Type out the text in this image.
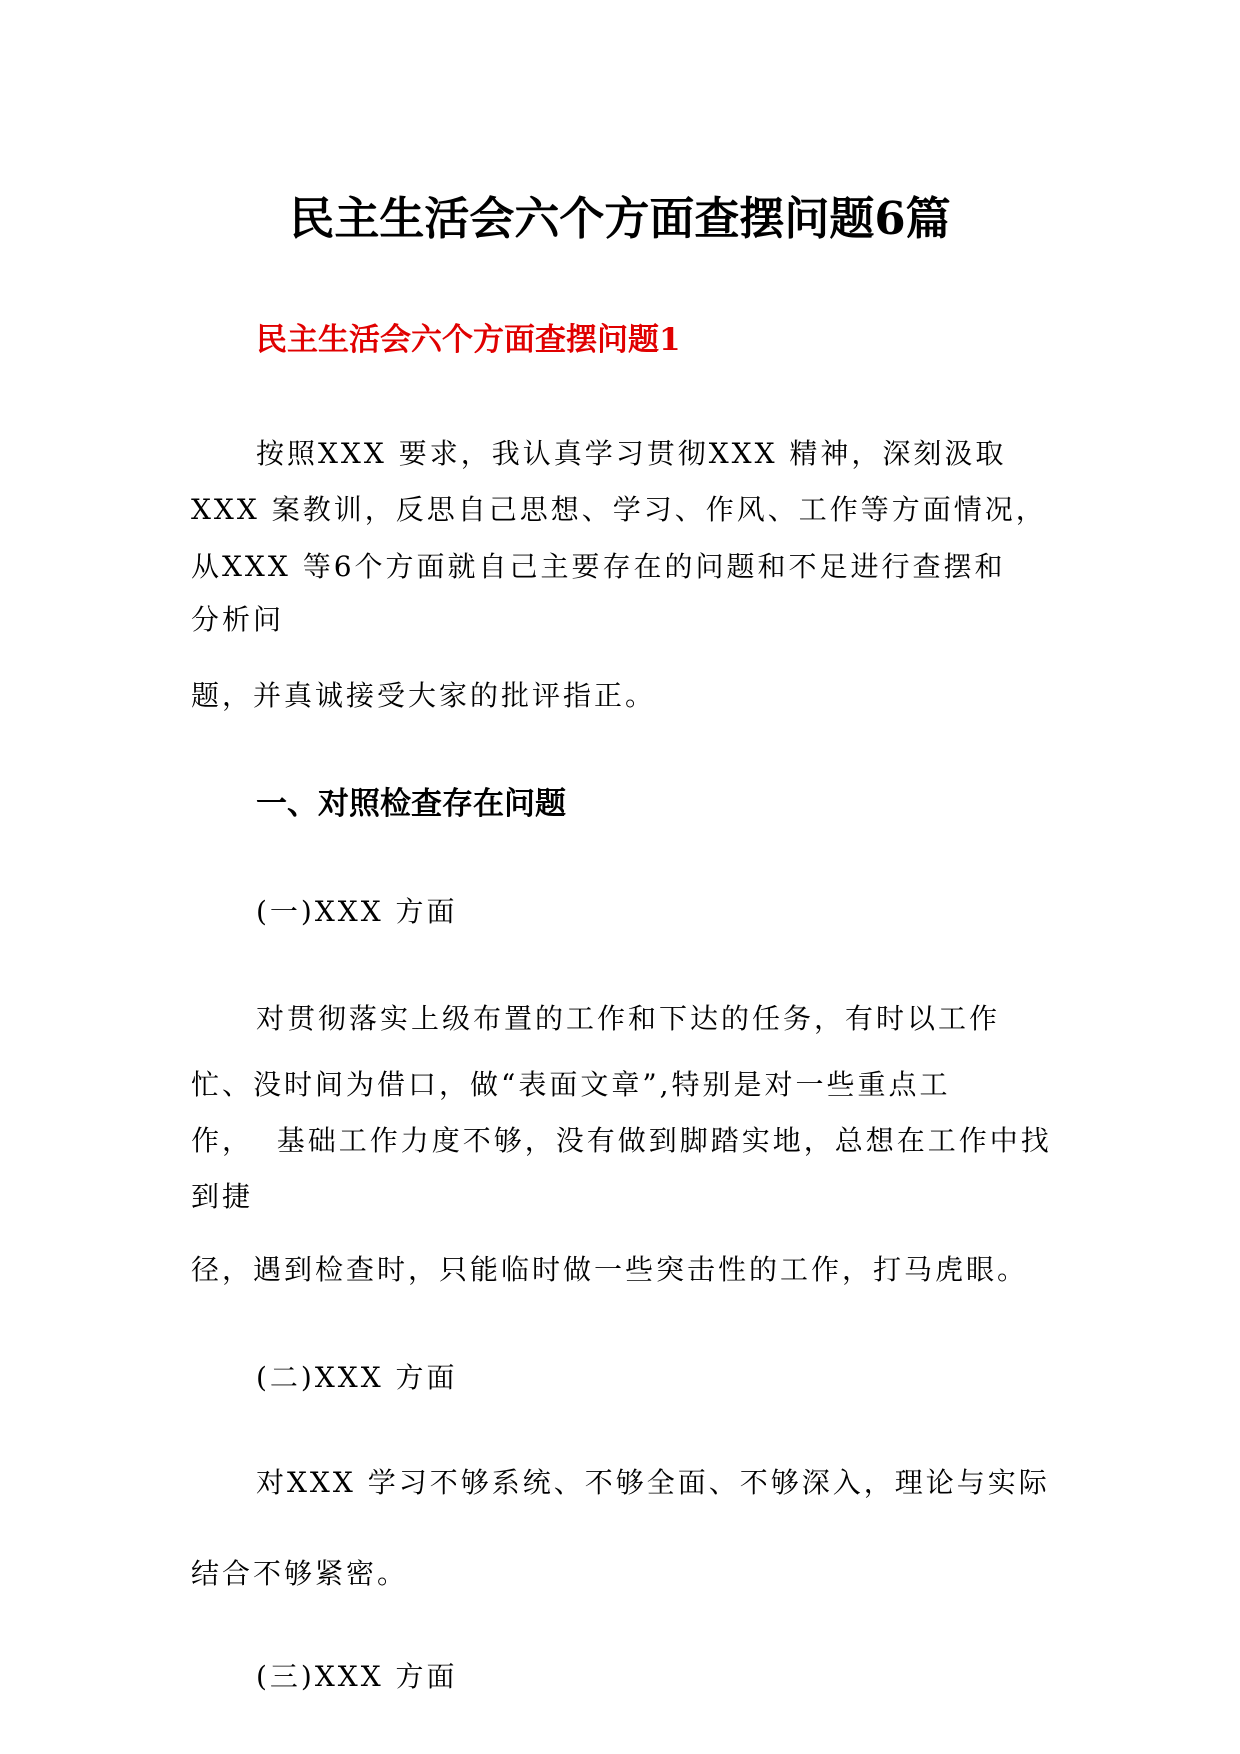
民主生活会六个方面查摆问题6篇
民主生活会六个方面查摆问题1
按照XXX 要求，我认真学习贯彻XXX 精神，深刻汲取
XXX 案教训，反思自己思想、学习、作风、工作等方面情况，
从XXX 等6个方面就自己主要存在的问题和不足进行查摆和
分析问
题，并真诚接受大家的批评指正。
一、对照检查存在问题
(一)XXX 方面
对贯彻落实上级布置的工作和下达的任务，有时以工作
忙、没时间为借口，做“表面文章”,特别是对一些重点工
作，  基础工作力度不够，没有做到脚踏实地，总想在工作中找
到捷
径，遇到检查时，只能临时做一些突击性的工作，打马虎眼。
(二)XXX 方面
对XXX 学习不够系统、不够全面、不够深入，理论与实际
结合不够紧密。
(三)XXX 方面
